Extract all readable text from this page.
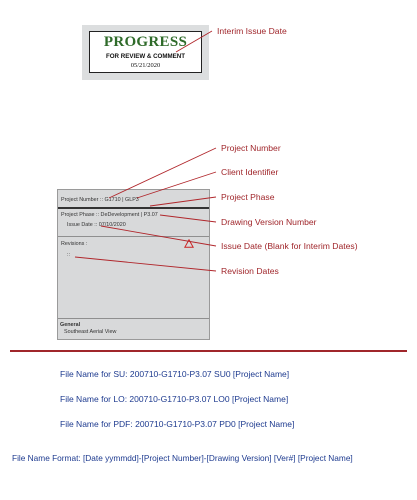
PROGRESS
FOR REVIEW & COMMENT
05/21/2020
Project Number :: G1710 | GLP3
Project Phase :: DeDevelopment | P3.07
Issue Date :: 07/10/2020
Revisions :
::
General
Southeast Aerial View
Interim Issue Date
Project Number
Client Identifier
Project Phase
Drawing Version Number
Issue Date (Blank for Interim Dates)
Revision Dates
File Name for SU: 200710-G1710-P3.07 SU0 [Project Name]
File Name for LO: 200710-G1710-P3.07 LO0 [Project Name]
File Name for PDF: 200710-G1710-P3.07 PD0 [Project Name]
File Name Format: [Date yymmdd]-[Project Number]-[Drawing Version] [Ver#] [Project Name]
